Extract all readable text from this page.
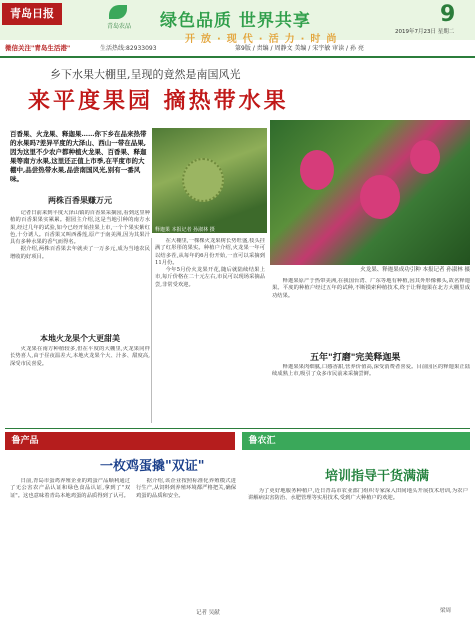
青岛日报
青岛农品	绿色品质 世界共享
开放·现代·活力·时尚
9
2019年7月23日 星期二
微信关注"青岛生活港"	生活热线:82933093	第9版 / 责编 / 周静文 美编 / 宋宇敏 审读 / 孙 亮
乡下水果大棚里,呈现的竟然是南国风光
来平度果园 摘热带水果
百香果、火龙果、释迦果……你下乡在品来热带的水果吗?差异平度的大泽山、西山一带在品果,因为这里不少农户都种植火龙果、百香果、释迦果等南方水果,这里还正值上市季,在平度市的大棚中,品尝热带水果,品尝南国风光,别有一番风味。
释迦果 本报记者 孙淑林 摄
火龙果、释迦果成功引种 本报记者 孙淑林 摄
两株百香果赚万元

记者日前来到平度大泽山镇的百香果采摘园,看到这里种植的百香果果实累累。据园主介绍,这是当地引种的南方水果,经过几年的试验,如今已经开始挂果上市,一个个果实紫红色,十分诱人。百香果又叫西番莲,原产于南美洲,因为其果汁具有多种水果的香气而得名。

据介绍,两株百香果去年就卖了一万多元,成为当地农民增收的好项目。

本地火龙果个大更甜美

火龙果在南方种植较多,但在平度的大棚里,火龙果同样长势喜人,由于昼夜温差大,本地火龙果个大、汁多、甜度高,深受市民喜爱。

在大棚里,一棵棵火龙果树长势旺盛,枝头挂满了红彤彤的果实。种植户介绍,火龙果一年可以结多茬,从每年的6月份开始,一直可以采摘到11月份。

今年5月份火龙果开花,随后就陆续结果上市,每斤价格在二十元左右,市民可以现场采摘品尝,非常受欢迎。

释迦果原产于热带美洲,在我国台湾、广东等地有种植,因其外形像佛头,故名释迦果。平度的种植户经过五年的试种,不断摸索种植技术,终于让释迦果在北方大棚里成功结果。

五年"打磨"完美释迦果

释迦果果肉细腻,口感香甜,营养价值高,深受消费者喜爱。目前园区的释迦果正陆续成熟上市,吸引了众多市民前来采摘尝鲜。

鲁产品
一枚鸡蛋撬"双证"

日前,青岛市蛋鸡养殖企业的鸡蛋产品顺利通过了无公害农产品认证和绿色食品认证,拿到了"双证"。这也意味着青岛本地鸡蛋的品质得到了认可。

据介绍,该企业按照标准化养殖模式进行生产,从饲料到养殖环境都严格把关,确保鸡蛋的品质和安全。

记者 吴献
鲁农汇
培训指导干货满满

为了更好地服务种植户,近日青岛市农业部门组织专家深入田间地头开展技术培训,为农户讲解病虫害防治、水肥管理等实用技术,受到广大种植户的欢迎。

梁周
